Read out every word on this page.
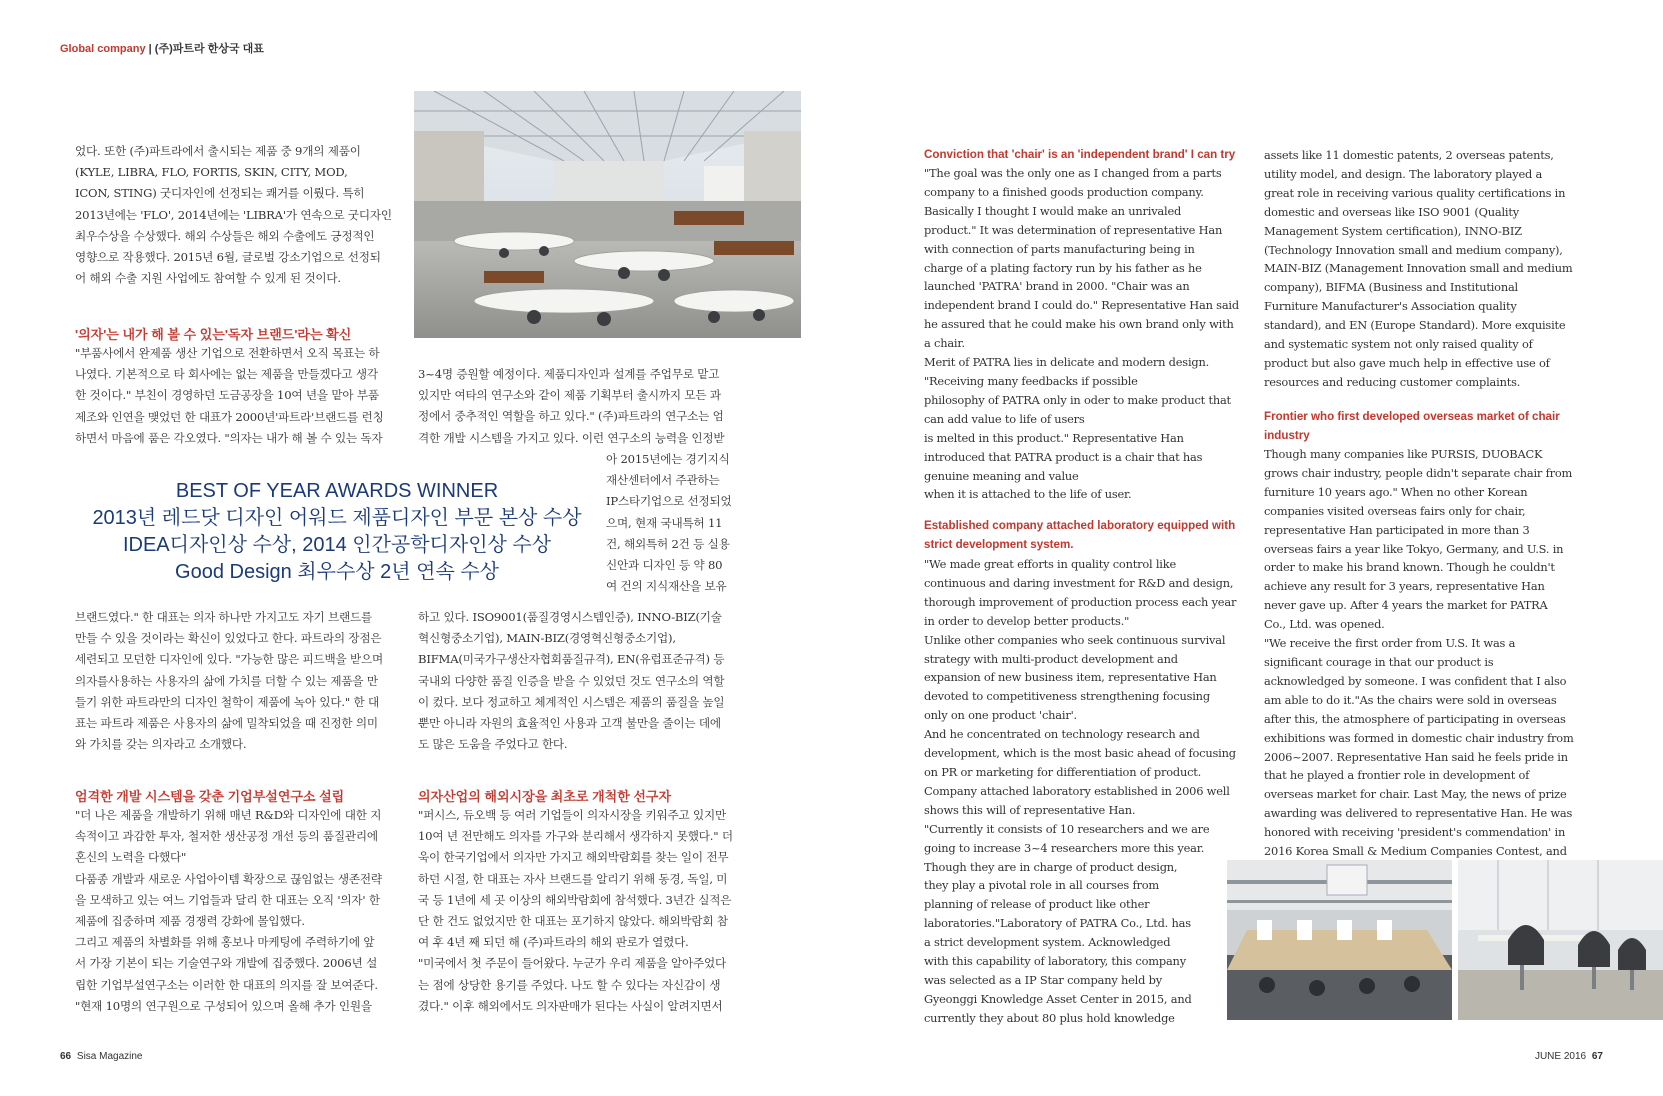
Global company | (주)파트라 한상국 대표

었다. 또한 (주)파트라에서 출시되는 제품 중 9개의 제품이

(KYLE, LIBRA, FLO, FORTIS, SKIN, CITY, MOD,

ICON, STING) 굿디자인에 선정되는 쾌거를 이뤘다. 특히

2013년에는 'FLO', 2014년에는 'LIBRA'가 연속으로 굿디자인

최우수상을 수상했다. 해외 수상들은 해외 수출에도 긍정적인

영향으로 작용했다. 2015년 6월, 글로벌 강소기업으로 선정되

어 해외 수출 지원 사업에도 참여할 수 있게 된 것이다.

'의자'는 내가 해 볼 수 있는'독자 브랜드'라는 확신

"부품사에서 완제품 생산 기업으로 전환하면서 오직 목표는 하

나였다. 기본적으로 타 회사에는 없는 제품을 만들겠다고 생각

한 것이다." 부친이 경영하던 도금공장을 10여 년을 맡아 부품

제조와 인연을 맺었던 한 대표가 2000년'파트라'브랜드를 런칭

하면서 마음에 품은 각오였다. "의자는 내가 해 볼 수 있는 독자

3~4명 증원할 예정이다. 제품디자인과 설계를 주업무로 맡고

있지만 여타의 연구소와 같이 제품 기획부터 출시까지 모든 과

정에서 중추적인 역할을 하고 있다." (주)파트라의 연구소는 엄

격한 개발 시스템을 가지고 있다. 이런 연구소의 능력을 인정받

아 2015년에는 경기지식

재산센터에서 주관하는

IP스타기업으로 선정되었

으며, 현재 국내특허 11

건, 해외특허 2건 등 실용

신안과 디자인 등 약 80

여 건의 지식재산을 보유

BEST OF YEAR AWARDS WINNER
2013년 레드닷 디자인 어워드 제품디자인 부문 본상 수상
IDEA디자인상 수상, 2014 인간공학디자인상 수상
Good Design 최우수상 2년 연속 수상

브랜드였다." 한 대표는 의자 하나만 가지고도 자기 브랜드를

만들 수 있을 것이라는 확신이 있었다고 한다. 파트라의 장점은

세련되고 모던한 디자인에 있다. "가능한 많은 피드백을 받으며

의자를사용하는 사용자의 삶에 가치를 더할 수 있는 제품을 만

들기 위한 파트라만의 디자인 철학이 제품에 녹아 있다." 한 대

표는 파트라 제품은 사용자의 삶에 밀착되었을 때 진정한 의미

와 가치를 갖는 의자라고 소개했다.

하고 있다. ISO9001(품질경영시스템인증), INNO-BIZ(기술

혁신형중소기업), MAIN-BIZ(경영혁신형중소기업),

BIFMA(미국가구생산자협회품질규격), EN(유럽표준규격) 등

국내외 다양한 품질 인증을 받을 수 있었던 것도 연구소의 역할

이 컸다. 보다 정교하고 체계적인 시스템은 제품의 품질을 높일

뿐만 아니라 자원의 효율적인 사용과 고객 불만을 줄이는 데에

도 많은 도움을 주었다고 한다.

엄격한 개발 시스템을 갖춘 기업부설연구소 설립

"더 나은 제품을 개발하기 위해 매년 R&D와 디자인에 대한 지

속적이고 과감한 투자, 철저한 생산공정 개선 등의 품질관리에

혼신의 노력을 다했다"

다품종 개발과 새로운 사업아이템 확장으로 끊임없는 생존전략

을 모색하고 있는 여느 기업들과 달리 한 대표는 오직 '의자' 한

제품에 집중하며 제품 경쟁력 강화에 몰입했다.

그리고 제품의 차별화를 위해 홍보나 마케팅에 주력하기에 앞

서 가장 기본이 되는 기술연구와 개발에 집중했다. 2006년 설

립한 기업부설연구소는 이러한 한 대표의 의지를 잘 보여준다.

"현재 10명의 연구원으로 구성되어 있으며 올해 추가 인원을

의자산업의 해외시장을 최초로 개척한 선구자

"퍼시스, 듀오백 등 여러 기업들이 의자시장을 키워주고 있지만

10여 년 전만해도 의자를 가구와 분리해서 생각하지 못했다." 더

욱이 한국기업에서 의자만 가지고 해외박람회를 찾는 일이 전무

하던 시절, 한 대표는 자사 브랜드를 알리기 위해 동경, 독일, 미

국 등 1년에 세 곳 이상의 해외박람회에 참석했다. 3년간 실적은

단 한 건도 없었지만 한 대표는 포기하지 않았다. 해외박람회 참

여 후 4년 째 되던 해 (주)파트라의 해외 판로가 열렸다.

"미국에서 첫 주문이 들어왔다. 누군가 우리 제품을 알아주었다

는 점에 상당한 용기를 주었다. 나도 할 수 있다는 자신감이 생

겼다." 이후 해외에서도 의자판매가 된다는 사실이 알려지면서

Conviction that 'chair' is an 'independent brand' I can try

"The goal was the only one as I changed from a parts

company to a finished goods production company.

Basically I thought I would make an unrivaled

product." It was determination of representative Han

with connection of parts manufacturing being in

charge of a plating factory run by his father as he

launched 'PATRA' brand in 2000. "Chair was an

independent brand I could do." Representative Han said

he assured that he could make his own brand only with

a chair.

Merit of PATRA lies in delicate and modern design.

"Receiving many feedbacks if possible

philosophy of PATRA only in oder to make product that

can add value to life of users

is melted in this product." Representative Han

introduced that PATRA product is a chair that has

genuine meaning and value

when it is attached to the life of user.

Established company attached laboratory equipped with strict development system.

"We made great efforts in quality control like

continuous and daring investment for R&D and design,

thorough improvement of production process each year

in order to develop better products."

Unlike other companies who seek continuous survival

strategy with multi-product development and

expansion of new business item, representative Han

devoted to competitiveness strengthening focusing

only on one product 'chair'.

And he concentrated on technology research and

development, which is the most basic ahead of focusing

on PR or marketing for differentiation of product.

Company attached laboratory established in 2006 well

shows this will of representative Han.

"Currently it consists of 10 researchers and we are

going to increase 3~4 researchers more this year.

Though they are in charge of product design,

they play a pivotal role in all courses from

planning of release of product like other

laboratories."Laboratory of PATRA Co., Ltd. has

a strict development system. Acknowledged

with this capability of laboratory, this company

was selected as a IP Star company held by

Gyeonggi Knowledge Asset Center in 2015, and

currently they about 80 plus hold knowledge

assets like 11 domestic patents, 2 overseas patents,

utility model, and design. The laboratory played a

great role in receiving various quality certifications in

domestic and overseas like ISO 9001 (Quality

Management System certification), INNO-BIZ

(Technology Innovation small and medium company),

MAIN-BIZ (Management Innovation small and medium

company), BIFMA (Business and Institutional

Furniture Manufacturer's Association quality

standard), and EN (Europe Standard). More exquisite

and systematic system not only raised quality of

product but also gave much help in effective use of

resources and reducing customer complaints.

Frontier who first developed overseas market of chair industry

Though many companies like PURSIS, DUOBACK

grows chair industry, people didn't separate chair from

furniture 10 years ago." When no other Korean

companies visited overseas fairs only for chair,

representative Han participated in more than 3

overseas fairs a year like Tokyo, Germany, and U.S. in

order to make his brand known. Though he couldn't

achieve any result for 3 years, representative Han

never gave up. After 4 years the market for PATRA

Co., Ltd. was opened.

"We receive the first order from U.S. It was a

significant courage in that our product is

acknowledged by someone. I was confident that I also

am able to do it."As the chairs were sold in overseas

after this, the atmosphere of participating in overseas

exhibitions was formed in domestic chair industry from

2006~2007. Representative Han said he feels pride in

that he played a frontier role in development of

overseas market for chair. Last May, the news of prize

awarding was delivered to representative Han. He was

honored with receiving 'president's commendation' in

2016 Korea Small & Medium Companies Contest, and

66 Sisa Magazine	JUNE 2016 67
